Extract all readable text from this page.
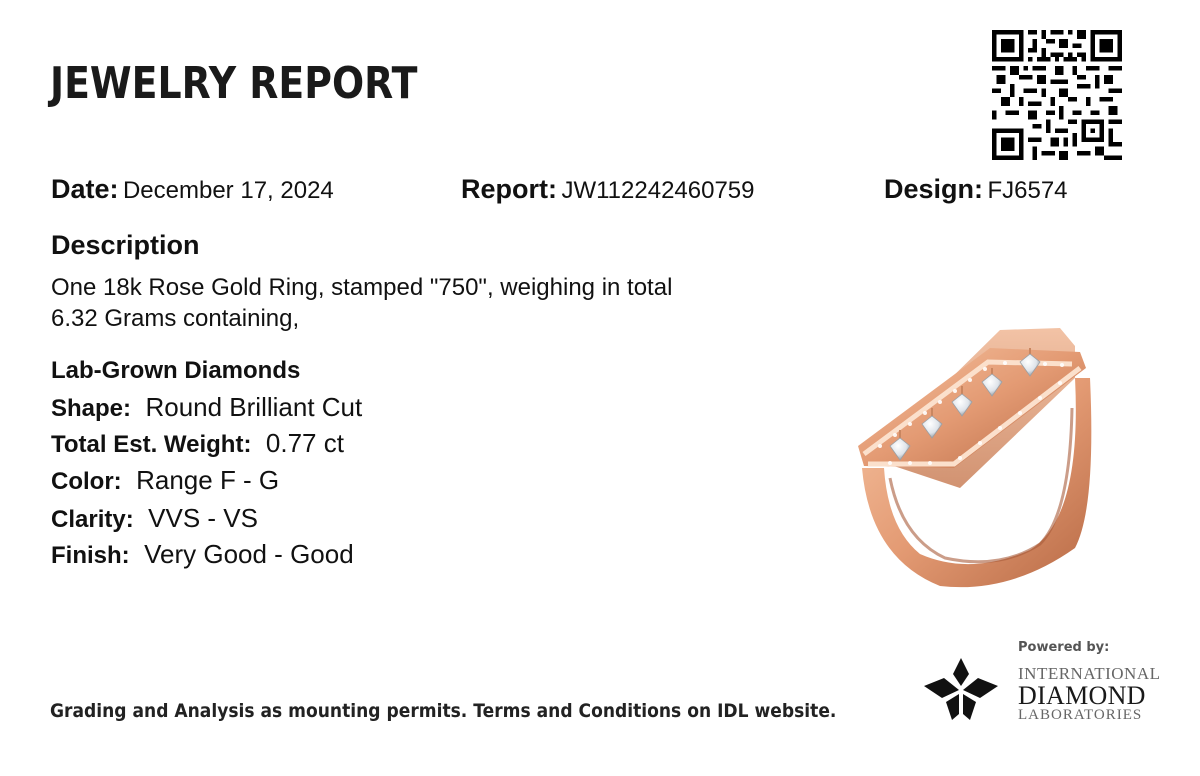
JEWELRY REPORT
Date: December 17, 2024	Report: JW112242460759	Design: FJ6574
Description
One 18k Rose Gold Ring, stamped "750", weighing in total
6.32 Grams containing,
Lab-Grown Diamonds
Shape: Round Brilliant Cut
Total Est. Weight: 0.77 ct
Color: Range F - G
Clarity: VVS - VS
Finish: Very Good - Good
Grading and Analysis as mounting permits. Terms and Conditions on IDL website.
Powered by:
INTERNATIONAL
DIAMOND
LABORATORIES
